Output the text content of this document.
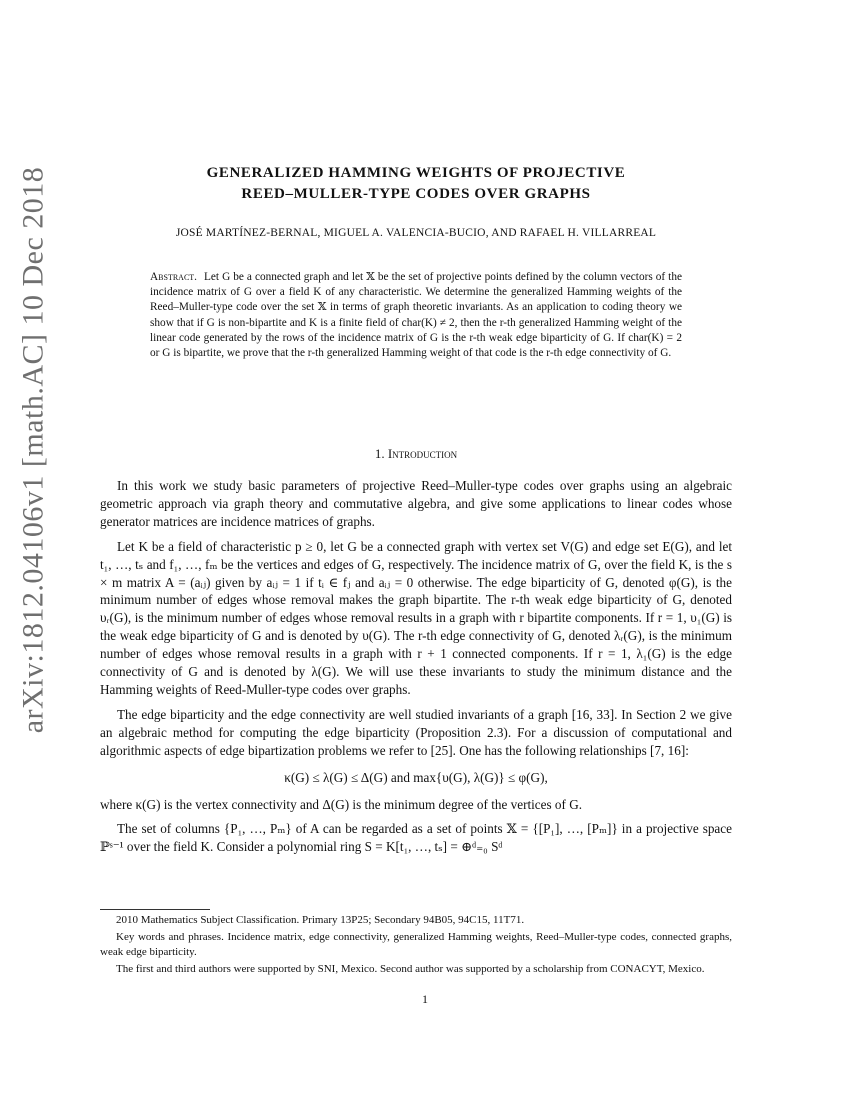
arXiv:1812.04106v1 [math.AC] 10 Dec 2018	GENERALIZED HAMMING WEIGHTS OF PROJECTIVE
REED–MULLER-TYPE CODES OVER GRAPHS
JOSÉ MARTÍNEZ-BERNAL, MIGUEL A. VALENCIA-BUCIO, AND RAFAEL H. VILLARREAL
Abstract. Let G be a connected graph and let 𝕏 be the set of projective points defined by the column vectors of the incidence matrix of G over a field K of any characteristic. We determine the generalized Hamming weights of the Reed–Muller-type code over the set 𝕏 in terms of graph theoretic invariants. As an application to coding theory we show that if G is non-bipartite and K is a finite field of char(K) ≠ 2, then the r-th generalized Hamming weight of the linear code generated by the rows of the incidence matrix of G is the r-th weak edge biparticity of G. If char(K) = 2 or G is bipartite, we prove that the r-th generalized Hamming weight of that code is the r-th edge connectivity of G.
1. Introduction

In this work we study basic parameters of projective Reed–Muller-type codes over graphs using an algebraic geometric approach via graph theory and commutative algebra, and give some applications to linear codes whose generator matrices are incidence matrices of graphs.

Let K be a field of characteristic p ≥ 0, let G be a connected graph with vertex set V(G) and edge set E(G), and let t₁, …, tₛ and f₁, …, fₘ be the vertices and edges of G, respectively. The incidence matrix of G, over the field K, is the s × m matrix A = (aᵢⱼ) given by aᵢⱼ = 1 if tᵢ ∈ fⱼ and aᵢⱼ = 0 otherwise. The edge biparticity of G, denoted φ(G), is the minimum number of edges whose removal makes the graph bipartite. The r-th weak edge biparticity of G, denoted υᵣ(G), is the minimum number of edges whose removal results in a graph with r bipartite components. If r = 1, υ₁(G) is the weak edge biparticity of G and is denoted by υ(G). The r-th edge connectivity of G, denoted λᵣ(G), is the minimum number of edges whose removal results in a graph with r + 1 connected components. If r = 1, λ₁(G) is the edge connectivity of G and is denoted by λ(G). We will use these invariants to study the minimum distance and the Hamming weights of Reed-Muller-type codes over graphs.

The edge biparticity and the edge connectivity are well studied invariants of a graph [16, 33]. In Section 2 we give an algebraic method for computing the edge biparticity (Proposition 2.3). For a discussion of computational and algorithmic aspects of edge bipartization problems we refer to [25]. One has the following relationships [7, 16]:

κ(G) ≤ λ(G) ≤ Δ(G) and max{υ(G), λ(G)} ≤ φ(G),

where κ(G) is the vertex connectivity and Δ(G) is the minimum degree of the vertices of G.

The set of columns {P₁, …, Pₘ} of A can be regarded as a set of points 𝕏 = {[P₁], …, [Pₘ]} in a projective space ℙˢ⁻¹ over the field K. Consider a polynomial ring S = K[t₁, …, tₛ] = ⊕ᵈ₌₀ Sᵈ

2010 Mathematics Subject Classification. Primary 13P25; Secondary 94B05, 94C15, 11T71.

Key words and phrases. Incidence matrix, edge connectivity, generalized Hamming weights, Reed–Muller-type codes, connected graphs, weak edge biparticity.

The first and third authors were supported by SNI, Mexico. Second author was supported by a scholarship from CONACYT, Mexico.

1
